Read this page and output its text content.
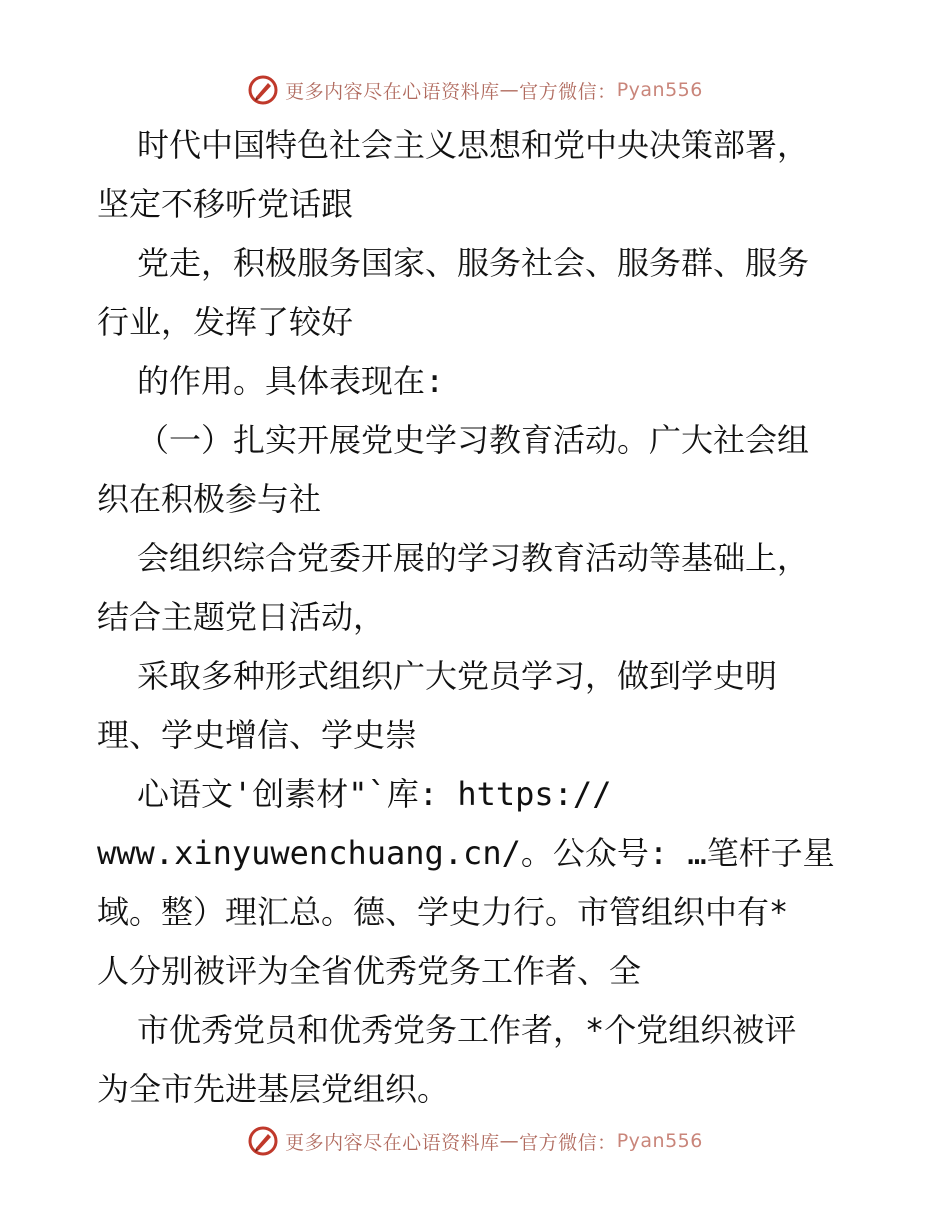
更多内容尽在心语资料库 — 官方微信： Pyan556
时代中国特色社会主义思想和党中央决策部署，
坚定不移听党话跟
党走，积极服务国家、服务社会、服务群、服务
行业，发挥了较好
的作用。具体表现在:
（一）扎实开展党史学习教育活动。广大社会组
织在积极参与社
会组织综合党委开展的学习教育活动等基础上，
结合主题党日活动，
采取多种形式组织广大党员学习，做到学史明
理、学史增信、学史崇
心语文'创素材"`库: https://
www.xinyuwenchuang.cn/。公众号: …笔杆子星
域。整）理汇总。德、学史力行。市管组织中有*
人分别被评为全省优秀党务工作者、全
市优秀党员和优秀党务工作者，*个党组织被评
为全市先进基层党组织。
更多内容尽在心语资料库 — 官方微信： Pyan556
